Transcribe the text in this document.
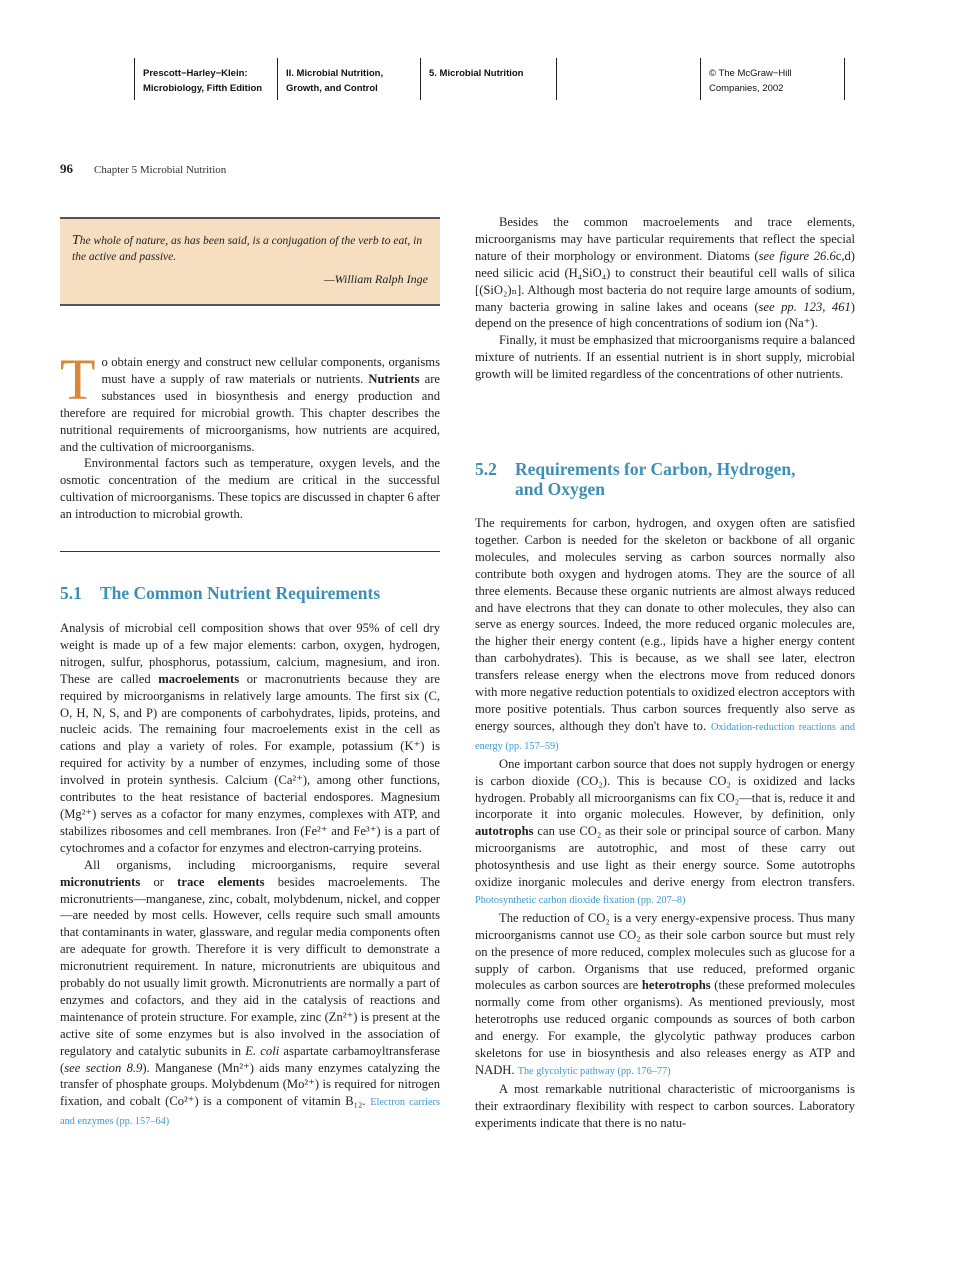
Prescott−Harley−Klein:
Microbiology, Fifth Edition
II. Microbial Nutrition,
Growth, and Control
5. Microbial Nutrition	© The McGraw−Hill
Companies, 2002
96 Chapter 5 Microbial Nutrition
The whole of nature, as has been said, is a conjugation of the verb to eat, in the active and passive.
—William Ralph Inge

To obtain energy and construct new cellular components, organisms must have a supply of raw materials or nutrients. Nutrients are substances used in biosynthesis and energy production and therefore are required for microbial growth. This chapter describes the nutritional requirements of microorganisms, how nutrients are acquired, and the cultivation of microorganisms.

Environmental factors such as temperature, oxygen levels, and the osmotic concentration of the medium are critical in the successful cultivation of microorganisms. These topics are discussed in chapter 6 after an introduction to microbial growth.

5.1 The Common Nutrient Requirements

Analysis of microbial cell composition shows that over 95% of cell dry weight is made up of a few major elements: carbon, oxygen, hydrogen, nitrogen, sulfur, phosphorus, potassium, calcium, magnesium, and iron. These are called macroelements or macronutrients because they are required by microorganisms in relatively large amounts. The first six (C, O, H, N, S, and P) are components of carbohydrates, lipids, proteins, and nucleic acids. The remaining four macroelements exist in the cell as cations and play a variety of roles. For example, potassium (K⁺) is required for activity by a number of enzymes, including some of those involved in protein synthesis. Calcium (Ca²⁺), among other functions, contributes to the heat resistance of bacterial endospores. Magnesium (Mg²⁺) serves as a cofactor for many enzymes, complexes with ATP, and stabilizes ribosomes and cell membranes. Iron (Fe²⁺ and Fe³⁺) is a part of cytochromes and a cofactor for enzymes and electron-carrying proteins.

All organisms, including microorganisms, require several micronutrients or trace elements besides macroelements. The micronutrients—manganese, zinc, cobalt, molybdenum, nickel, and copper—are needed by most cells. However, cells require such small amounts that contaminants in water, glassware, and regular media components often are adequate for growth. Therefore it is very difficult to demonstrate a micronutrient requirement. In nature, micronutrients are ubiquitous and probably do not usually limit growth. Micronutrients are normally a part of enzymes and cofactors, and they aid in the catalysis of reactions and maintenance of protein structure. For example, zinc (Zn²⁺) is present at the active site of some enzymes but is also involved in the association of regulatory and catalytic subunits in E. coli aspartate carbamoyltransferase (see section 8.9). Manganese (Mn²⁺) aids many enzymes catalyzing the transfer of phosphate groups. Molybdenum (Mo²⁺) is required for nitrogen fixation, and cobalt (Co²⁺) is a component of vitamin B₁₂. Electron carriers and enzymes (pp. 157–64)

Besides the common macroelements and trace elements, microorganisms may have particular requirements that reflect the special nature of their morphology or environment. Diatoms (see figure 26.6c,d) need silicic acid (H₄SiO₄) to construct their beautiful cell walls of silica [(SiO₂)ₙ]. Although most bacteria do not require large amounts of sodium, many bacteria growing in saline lakes and oceans (see pp. 123, 461) depend on the presence of high concentrations of sodium ion (Na⁺).

Finally, it must be emphasized that microorganisms require a balanced mixture of nutrients. If an essential nutrient is in short supply, microbial growth will be limited regardless of the concentrations of other nutrients.

5.2 Requirements for Carbon, Hydrogen,
and Oxygen

The requirements for carbon, hydrogen, and oxygen often are satisfied together. Carbon is needed for the skeleton or backbone of all organic molecules, and molecules serving as carbon sources normally also contribute both oxygen and hydrogen atoms. They are the source of all three elements. Because these organic nutrients are almost always reduced and have electrons that they can donate to other molecules, they also can serve as energy sources. Indeed, the more reduced organic molecules are, the higher their energy content (e.g., lipids have a higher energy content than carbohydrates). This is because, as we shall see later, electron transfers release energy when the electrons move from reduced donors with more negative reduction potentials to oxidized electron acceptors with more positive potentials. Thus carbon sources frequently also serve as energy sources, although they don't have to. Oxidation-reduction reactions and energy (pp. 157–59)

One important carbon source that does not supply hydrogen or energy is carbon dioxide (CO₂). This is because CO₂ is oxidized and lacks hydrogen. Probably all microorganisms can fix CO₂—that is, reduce it and incorporate it into organic molecules. However, by definition, only autotrophs can use CO₂ as their sole or principal source of carbon. Many microorganisms are autotrophic, and most of these carry out photosynthesis and use light as their energy source. Some autotrophs oxidize inorganic molecules and derive energy from electron transfers. Photosynthetic carbon dioxide fixation (pp. 207–8)

The reduction of CO₂ is a very energy-expensive process. Thus many microorganisms cannot use CO₂ as their sole carbon source but must rely on the presence of more reduced, complex molecules such as glucose for a supply of carbon. Organisms that use reduced, preformed organic molecules as carbon sources are heterotrophs (these preformed molecules normally come from other organisms). As mentioned previously, most heterotrophs use reduced organic compounds as sources of both carbon and energy. For example, the glycolytic pathway produces carbon skeletons for use in biosynthesis and also releases energy as ATP and NADH. The glycolytic pathway (pp. 176–77)

A most remarkable nutritional characteristic of microorganisms is their extraordinary flexibility with respect to carbon sources. Laboratory experiments indicate that there is no natu-
